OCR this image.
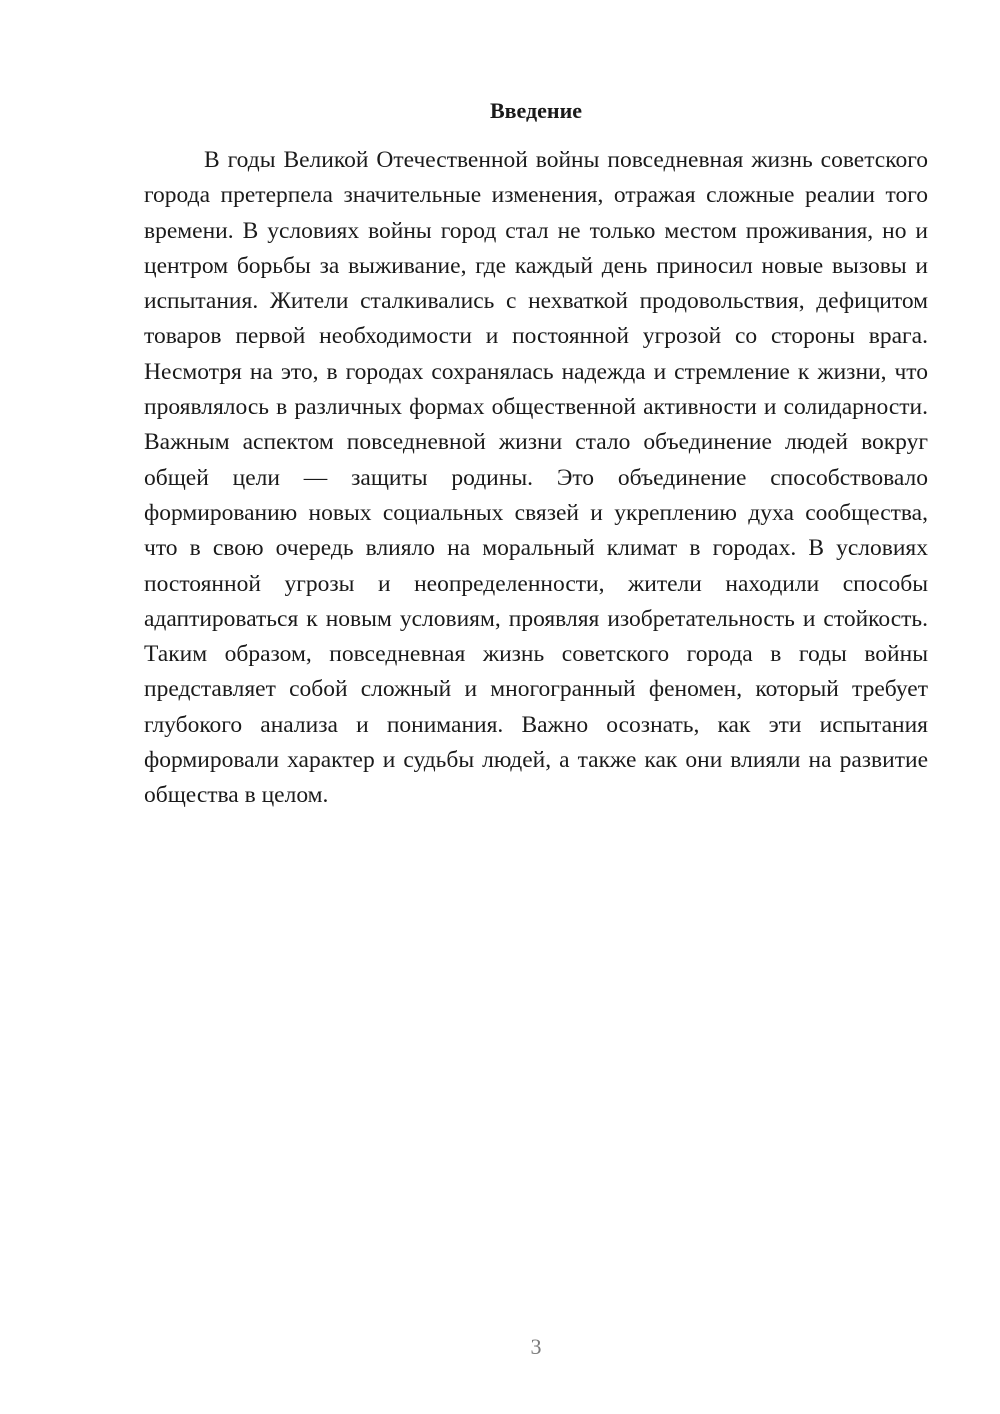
Введение

В годы Великой Отечественной войны повседневная жизнь советского города претерпела значительные изменения, отражая сложные реалии того времени. В условиях войны город стал не только местом проживания, но и центром борьбы за выживание, где каждый день приносил новые вызовы и испытания. Жители сталкивались с нехваткой продовольствия, дефицитом товаров первой необходимости и постоянной угрозой со стороны врага. Несмотря на это, в городах сохранялась надежда и стремление к жизни, что проявлялось в различных формах общественной активности и солидарности. Важным аспектом повседневной жизни стало объединение людей вокруг общей цели — защиты родины. Это объединение способствовало формированию новых социальных связей и укреплению духа сообщества, что в свою очередь влияло на моральный климат в городах. В условиях постоянной угрозы и неопределенности, жители находили способы адаптироваться к новым условиям, проявляя изобретательность и стойкость. Таким образом, повседневная жизнь советского города в годы войны представляет собой сложный и многогранный феномен, который требует глубокого анализа и понимания. Важно осознать, как эти испытания формировали характер и судьбы людей, а также как они влияли на развитие общества в целом.

3
